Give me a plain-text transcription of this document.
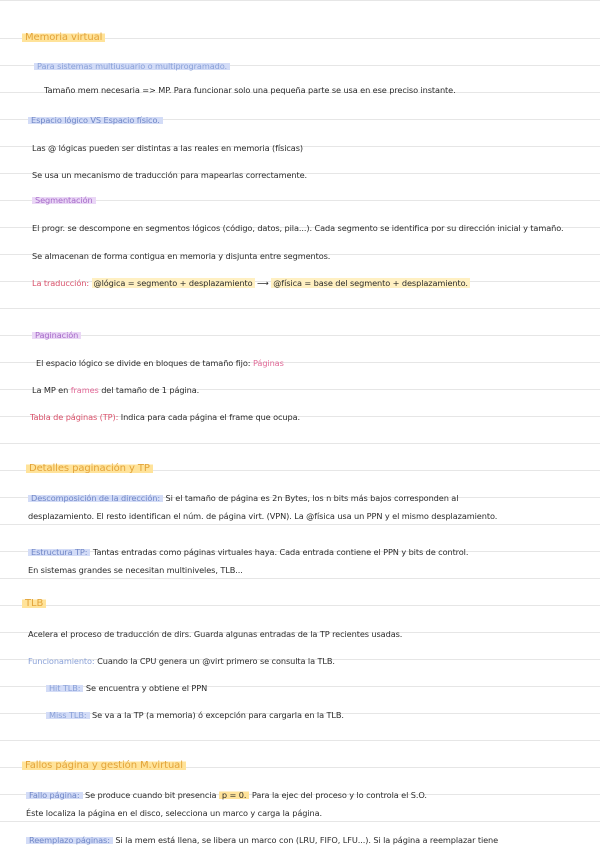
Memoria virtual
Para sistemas multiusuario o multiprogramado.
Tamaño mem necesaria => MP. Para funcionar solo una pequeña parte se usa en ese preciso instante.
Espacio lógico VS Espacio físico.
Las @ lógicas pueden ser distintas a las reales en memoria (físicas)
Se usa un mecanismo de traducción para mapearlas correctamente.
Segmentación
El progr. se descompone en segmentos lógicos (código, datos, pila...). Cada segmento se identifica por su dirección inicial y tamaño.
Se almacenan de forma contigua en memoria y disjunta entre segmentos.
La traducción: @lógica = segmento + desplazamiento ⟶ @física = base del segmento + desplazamiento.
Paginación
El espacio lógico se divide en bloques de tamaño fijo: Páginas
La MP en frames del tamaño de 1 página.
Tabla de páginas (TP): Indica para cada página el frame que ocupa.
Detalles paginación y TP
Descomposición de la dirección: Si el tamaño de página es 2n Bytes, los n bits más bajos corresponden al
desplazamiento. El resto identifican el núm. de página virt. (VPN). La @física usa un PPN y el mismo desplazamiento.
Estructura TP: Tantas entradas como páginas virtuales haya. Cada entrada contiene el PPN y bits de control.
En sistemas grandes se necesitan multiniveles, TLB...
TLB
Acelera el proceso de traducción de dirs. Guarda algunas entradas de la TP recientes usadas.
Funcionamiento: Cuando la CPU genera un @virt primero se consulta la TLB.
Hit TLB: Se encuentra y obtiene el PPN
Miss TLB: Se va a la TP (a memoria) ó excepción para cargarla en la TLB.
Fallos página y gestión M.virtual
Fallo página: Se produce cuando bit presencia p = 0. Para la ejec del proceso y lo controla el S.O.
Éste localiza la página en el disco, selecciona un marco y carga la página.
Reemplazo páginas: Si la mem está llena, se libera un marco con (LRU, FIFO, LFU...). Si la página a reemplazar tiene
